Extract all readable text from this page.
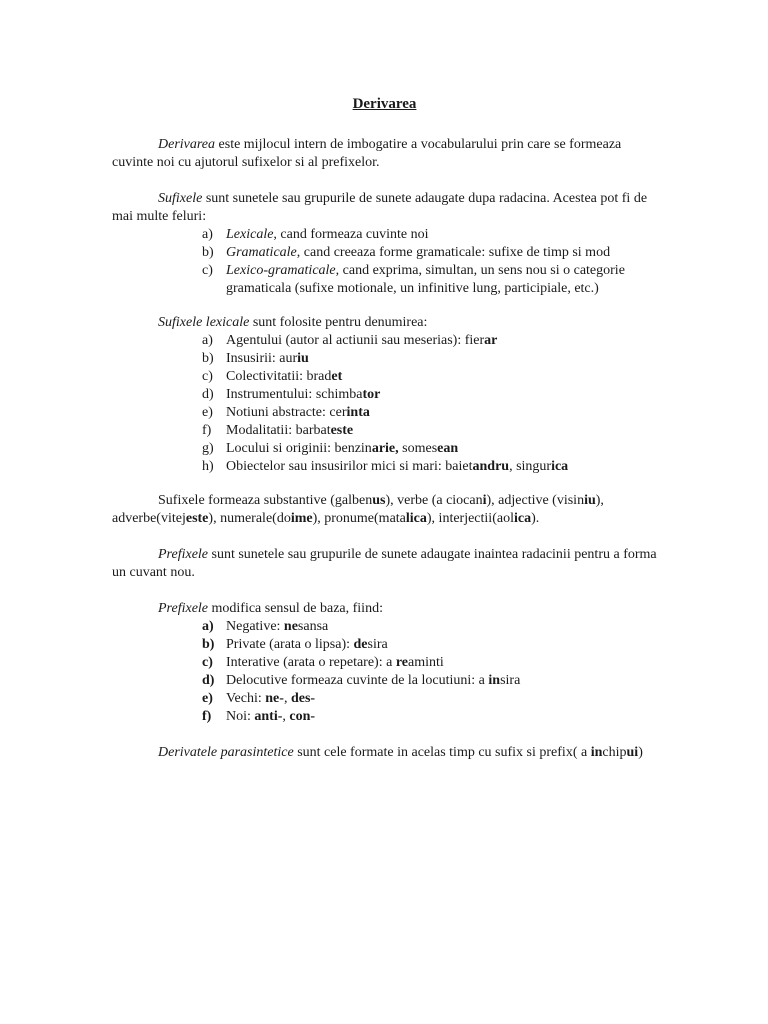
Derivarea

Derivarea este mijlocul intern de imbogatire a vocabularului prin care se formeaza cuvinte noi cu ajutorul sufixelor si al prefixelor.

Sufixele sunt sunetele sau grupurile de sunete adaugate dupa radacina. Acestea pot fi de mai multe feluri:

a) Lexicale, cand formeaza cuvinte noi
b) Gramaticale, cand creeaza forme gramaticale: sufixe de timp si mod
c) Lexico-gramaticale, cand exprima, simultan, un sens nou si o categorie gramaticala (sufixe motionale, un infinitive lung, participiale, etc.)

Sufixele lexicale sunt folosite pentru denumirea:

a) Agentului (autor al actiunii sau meserias): fierar
b) Insusirii: auriu
c) Colectivitatii: bradet
d) Instrumentului: schimbator
e) Notiuni abstracte: cerinta
f) Modalitatii: barbateste
g) Locului si originii: benzinarie, somesean
h) Obiectelor sau insusirilor mici si mari: baietandru, singurica

Sufixele formeaza substantive (galbenus), verbe (a ciocani), adjective (visiniu), adverbe(vitejeste), numerale(doime), pronume(matalica), interjectii(aolica).

Prefixele sunt sunetele sau grupurile de sunete adaugate inaintea radacinii pentru a forma un cuvant nou.

Prefixele modifica sensul de baza, fiind:

a) Negative: nesansa
b) Private (arata o lipsa): desira
c) Interative (arata o repetare): a reaminti
d) Delocutive formeaza cuvinte de la locutiuni: a insira
e) Vechi: ne-, des-
f) Noi: anti-, con-

Derivatele parasintetice sunt cele formate in acelas timp cu sufix si prefix( a inchipui)
